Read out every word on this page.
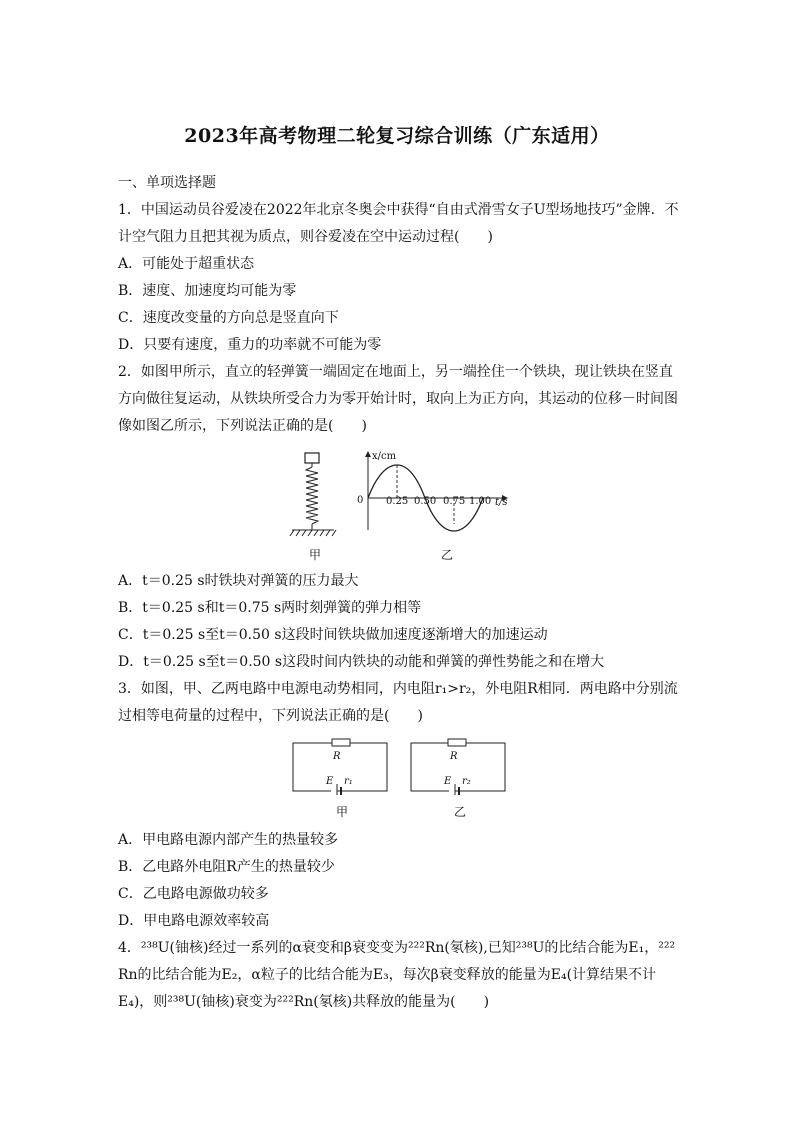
2023年高考物理二轮复习综合训练（广东适用）
一、单项选择题
1．中国运动员谷爱凌在2022年北京冬奥会中获得“自由式滑雪女子U型场地技巧”金牌．不
计空气阻力且把其视为质点，则谷爱凌在空中运动过程(　　)
A．可能处于超重状态
B．速度、加速度均可能为零
C．速度改变量的方向总是竖直向下
D．只要有速度，重力的功率就不可能为零
2．如图甲所示，直立的轻弹簧一端固定在地面上，另一端拴住一个铁块，现让铁块在竖直
方向做往复运动，从铁块所受合力为零开始计时，取向上为正方向，其运动的位移－时间图
像如图乙所示，下列说法正确的是(　　)
甲
x/cm
0 0.25 0.50 0.75 1.00 t/s
乙
A．t＝0.25 s时铁块对弹簧的压力最大
B．t＝0.25 s和t＝0.75 s两时刻弹簧的弹力相等
C．t＝0.25 s至t＝0.50 s这段时间铁块做加速度逐渐增大的加速运动
D．t＝0.25 s至t＝0.50 s这段时间内铁块的动能和弹簧的弹性势能之和在增大
3．如图，甲、乙两电路中电源电动势相同，内电阻r₁>r₂，外电阻R相同．两电路中分别流
过相等电荷量的过程中，下列说法正确的是(　　)
R
E r₁
甲
R
E r₂
乙
A．甲电路电源内部产生的热量较多
B．乙电路外电阻R产生的热量较少
C．乙电路电源做功较多
D．甲电路电源效率较高
4．²³⁸U(铀核)经过一系列的α衰变和β衰变变为²²²Rn(氡核),已知²³⁸U的比结合能为E₁，²²²
Rn的比结合能为E₂，α粒子的比结合能为E₃，每次β衰变释放的能量为E₄(计算结果不计
E₄)，则²³⁸U(铀核)衰变为²²²Rn(氡核)共释放的能量为(　　)
